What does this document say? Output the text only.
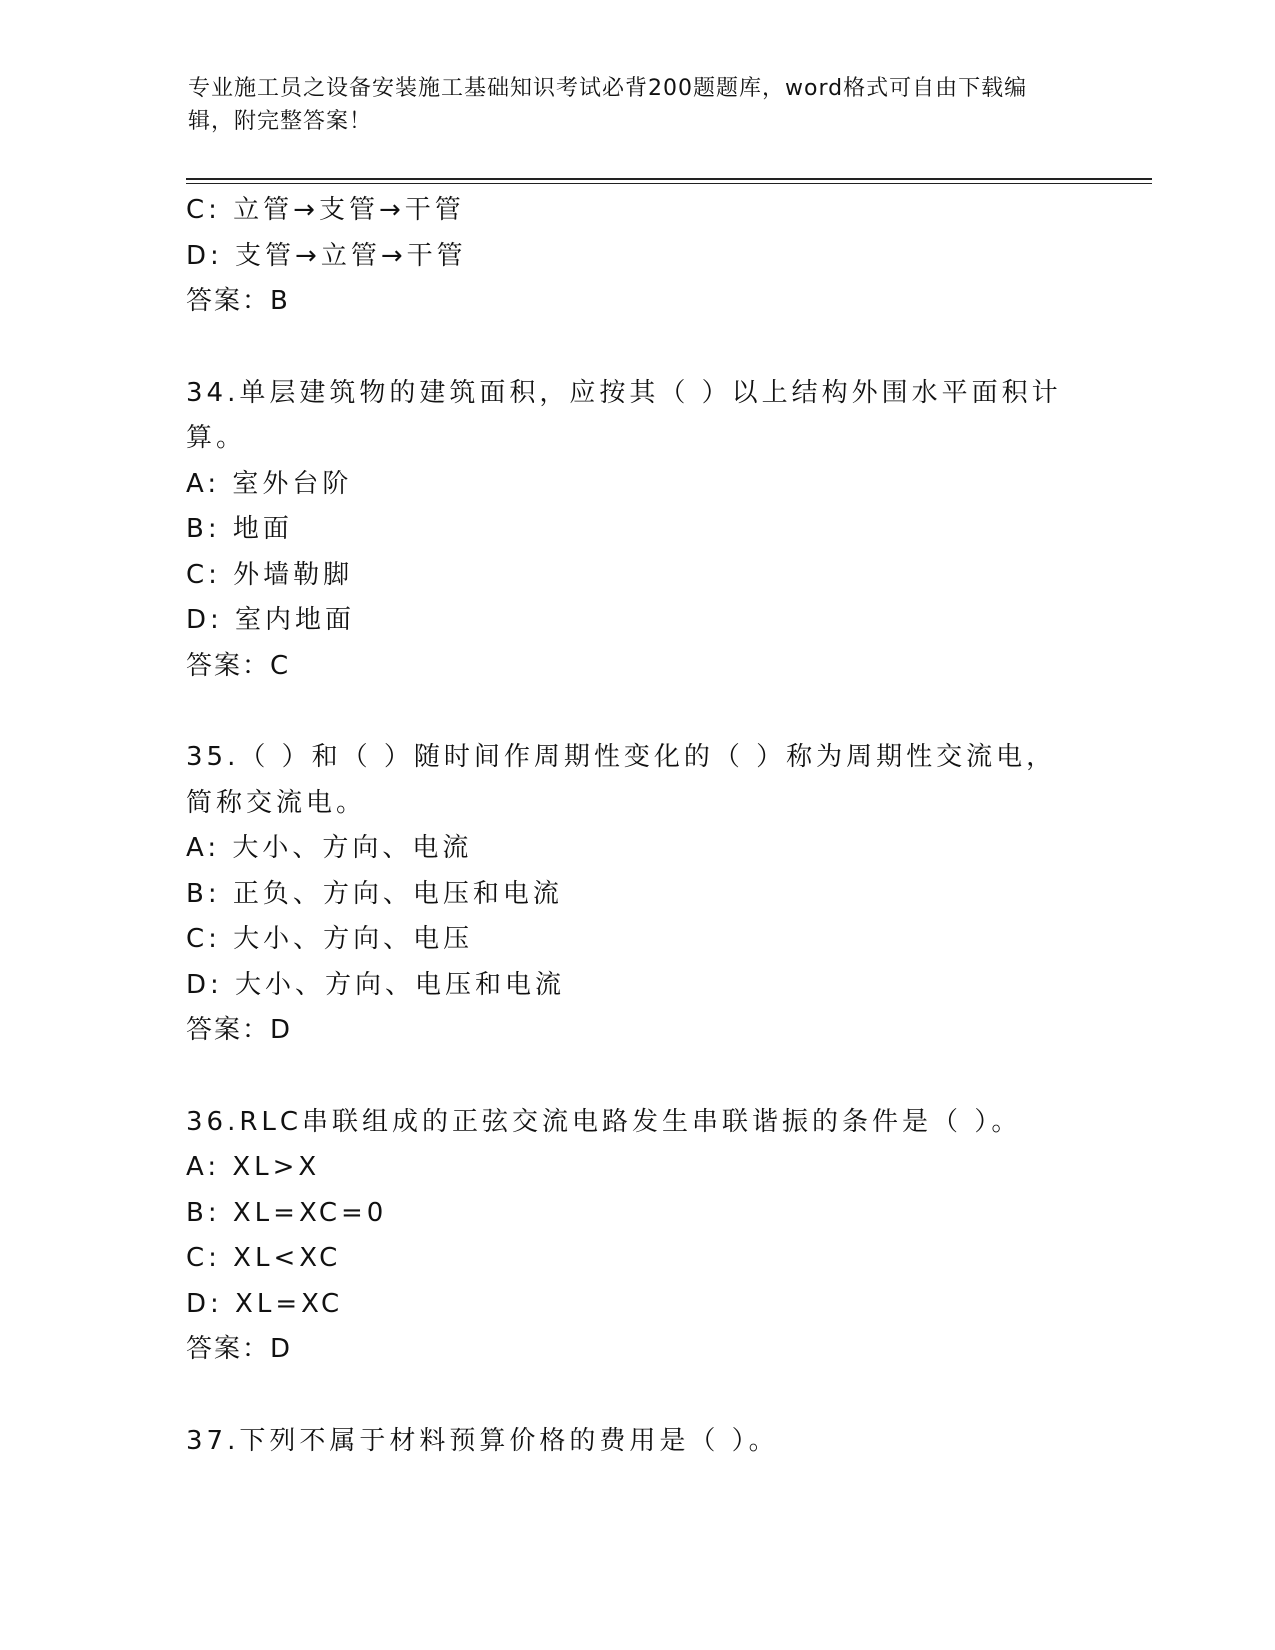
专业施工员之设备安装施工基础知识考试必背200题题库，word格式可自由下载编辑，附完整答案！
C: 立管→支管→干管
D: 支管→立管→干管
答案：B
34.单层建筑物的建筑面积，应按其（ ）以上结构外围水平面积计算。
A: 室外台阶
B: 地面
C: 外墙勒脚
D: 室内地面
答案：C
35.（ ）和（ ）随时间作周期性变化的（ ）称为周期性交流电，简称交流电。
A: 大小、方向、电流
B: 正负、方向、电压和电流
C: 大小、方向、电压
D: 大小、方向、电压和电流
答案：D
36.RLC串联组成的正弦交流电路发生串联谐振的条件是（ ）。
A: XL>X
B: XL=XC=0
C: XL<XC
D: XL=XC
答案：D
37.下列不属于材料预算价格的费用是（ ）。
